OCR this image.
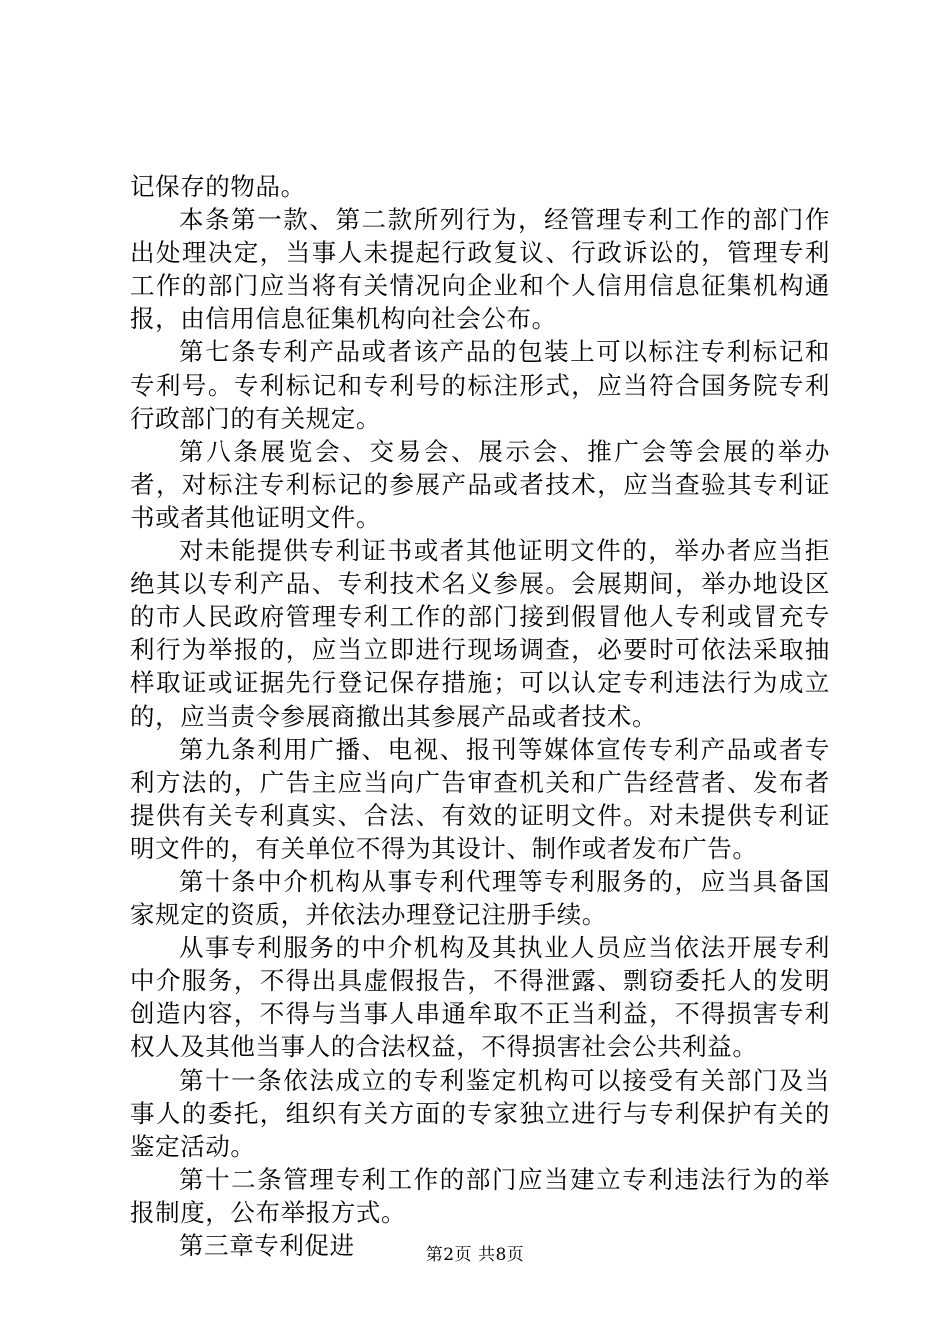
记保存的物品。

本条第一款、第二款所列行为，经管理专利工作的部门作出处理决定，当事人未提起行政复议、行政诉讼的，管理专利工作的部门应当将有关情况向企业和个人信用信息征集机构通报，由信用信息征集机构向社会公布。

第七条专利产品或者该产品的包装上可以标注专利标记和专利号。专利标记和专利号的标注形式，应当符合国务院专利行政部门的有关规定。

第八条展览会、交易会、展示会、推广会等会展的举办者，对标注专利标记的参展产品或者技术，应当查验其专利证书或者其他证明文件。

对未能提供专利证书或者其他证明文件的，举办者应当拒绝其以专利产品、专利技术名义参展。会展期间，举办地设区的市人民政府管理专利工作的部门接到假冒他人专利或冒充专利行为举报的，应当立即进行现场调查，必要时可依法采取抽样取证或证据先行登记保存措施；可以认定专利违法行为成立的，应当责令参展商撤出其参展产品或者技术。

第九条利用广播、电视、报刊等媒体宣传专利产品或者专利方法的，广告主应当向广告审查机关和广告经营者、发布者提供有关专利真实、合法、有效的证明文件。对未提供专利证明文件的，有关单位不得为其设计、制作或者发布广告。

第十条中介机构从事专利代理等专利服务的，应当具备国家规定的资质，并依法办理登记注册手续。

从事专利服务的中介机构及其执业人员应当依法开展专利中介服务，不得出具虚假报告，不得泄露、剽窃委托人的发明创造内容，不得与当事人串通牟取不正当利益，不得损害专利权人及其他当事人的合法权益，不得损害社会公共利益。

第十一条依法成立的专利鉴定机构可以接受有关部门及当事人的委托，组织有关方面的专家独立进行与专利保护有关的鉴定活动。

第十二条管理专利工作的部门应当建立专利违法行为的举报制度，公布举报方式。

第三章专利促进	第2页 共8页
